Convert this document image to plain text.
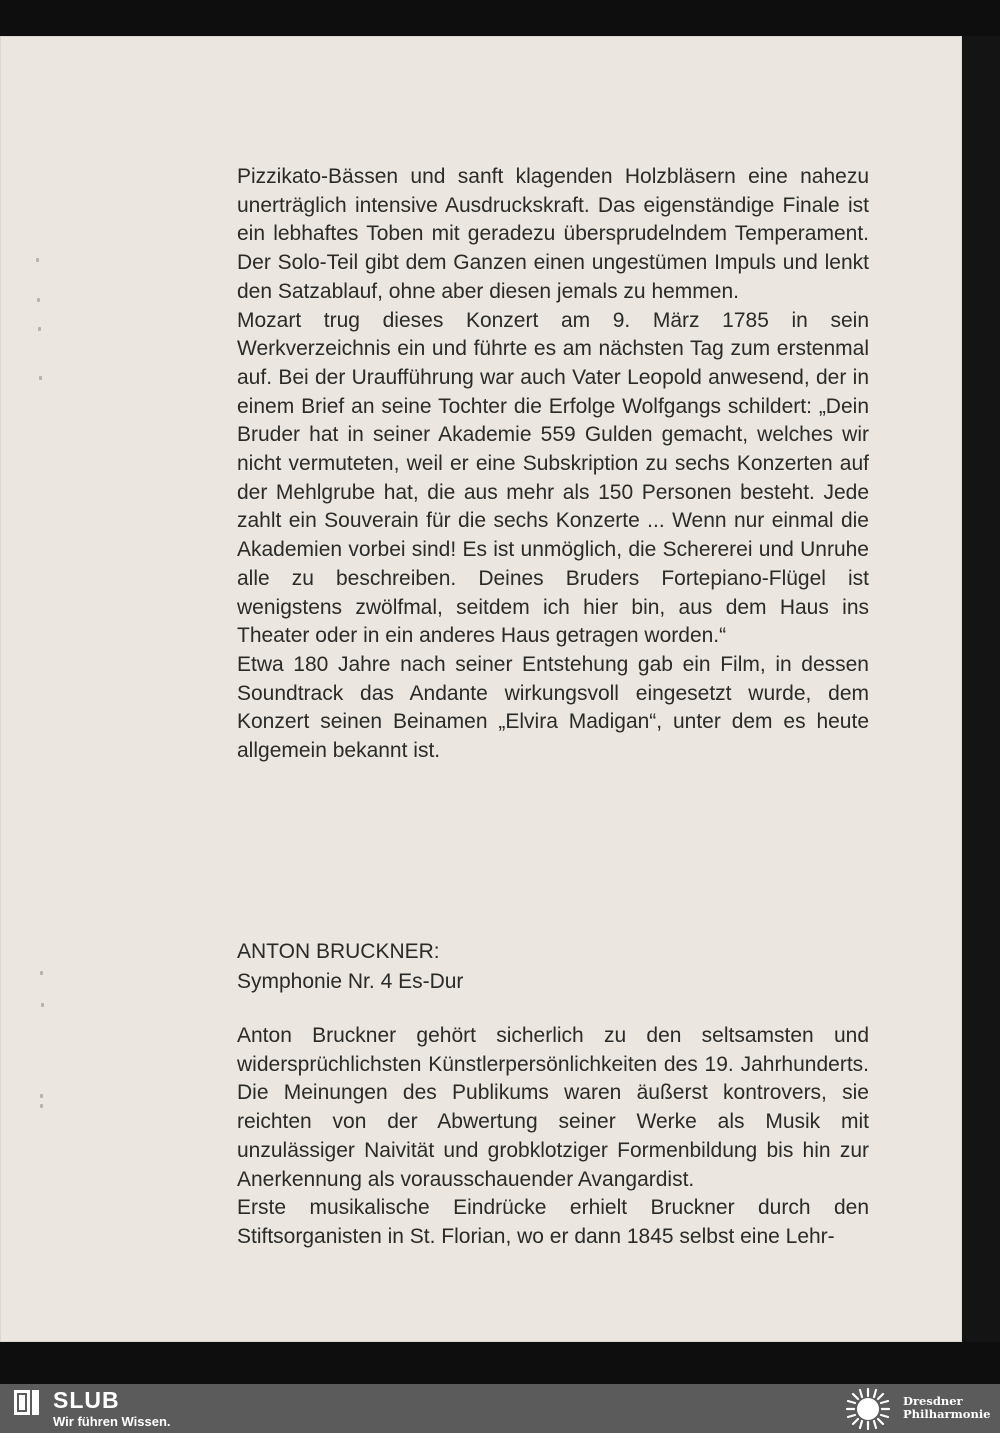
Pizzikato-Bässen und sanft klagenden Holzbläsern eine nahezu unerträglich intensive Ausdruckskraft. Das eigenständige Finale ist ein lebhaftes Toben mit geradezu übersprudelndem Temperament. Der Solo-Teil gibt dem Ganzen einen ungestümen Impuls und lenkt den Satzablauf, ohne aber diesen jemals zu hemmen.

Mozart trug dieses Konzert am 9. März 1785 in sein Werkverzeichnis ein und führte es am nächsten Tag zum erstenmal auf. Bei der Uraufführung war auch Vater Leopold anwesend, der in einem Brief an seine Tochter die Erfolge Wolfgangs schildert: „Dein Bruder hat in seiner Akademie 559 Gulden gemacht, welches wir nicht vermuteten, weil er eine Subskription zu sechs Konzerten auf der Mehlgrube hat, die aus mehr als 150 Personen besteht. Jede zahlt ein Souverain für die sechs Konzerte ... Wenn nur einmal die Akademien vorbei sind! Es ist unmöglich, die Schererei und Unruhe alle zu beschreiben. Deines Bruders Fortepiano-Flügel ist wenigstens zwölfmal, seitdem ich hier bin, aus dem Haus ins Theater oder in ein anderes Haus getragen worden.“

Etwa 180 Jahre nach seiner Entstehung gab ein Film, in dessen Soundtrack das Andante wirkungsvoll eingesetzt wurde, dem Konzert seinen Beinamen „Elvira Madigan“, unter dem es heute allgemein bekannt ist.

ANTON BRUCKNER:
Symphonie Nr. 4 Es-Dur

Anton Bruckner gehört sicherlich zu den seltsamsten und widersprüchlichsten Künstlerpersönlichkeiten des 19. Jahrhunderts. Die Meinungen des Publikums waren äußerst kontrovers, sie reichten von der Abwertung seiner Werke als Musik mit unzulässiger Naivität und grobklotziger Formenbildung bis hin zur Anerkennung als vorausschauender Avangardist.

Erste musikalische Eindrücke erhielt Bruckner durch den Stiftsorganisten in St. Florian, wo er dann 1845 selbst eine Lehr-

SLUB
Wir führen Wissen.
Dresdner
Philharmonie
